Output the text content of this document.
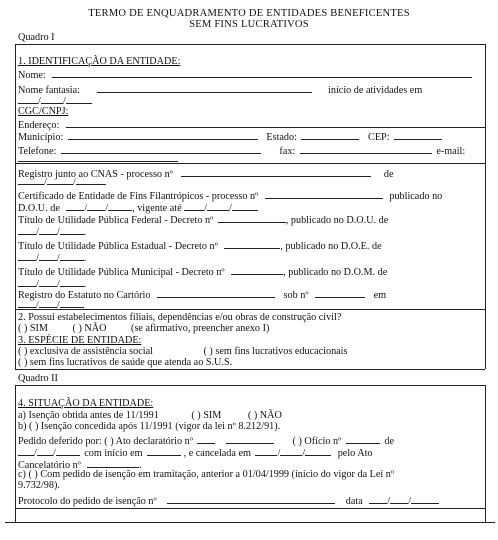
TERMO DE ENQUADRAMENTO DE ENTIDADES BENEFICENTES
SEM FINS LUCRATIVOS
Quadro I
1. IDENTIFICAÇÃO DA ENTIDADE:
Nome:
Nome fantasia:	início de atividades em
/ /
CGC/CNPJ:
Endereço:
Município:	Estado:	CEP:
Telefone:	fax:	e-mail:
Registro junto ao CNAS - processo nº	de
/	/
Certificado de Entidade de Fins Filantrópicos - processo nº	publicado no
D.O.U. de / / , vigente até / /
Título de Utilidade Pública Federal - Decreto nº	, publicado no D.O.U. de
/ / .
Título de Utilidade Pública Estadual - Decreto nº	, publicado no D.O.E. de
/ / .
Título de Utilidade Pública Municipal - Decreto nº	, publicado no D.O.M. de
/ / .
Registro do Estatuto no Cartório	sob nº	em
/ /
2. Possui estabelecimentos filiais, dependências e/ou obras de construção civil?
( ) SIM ( ) NÃO (se afirmativo, preencher anexo I)
3. ESPÉCIE DE ENTIDADE:
( ) exclusiva de assistência social	( ) sem fins lucrativos educacionais
( ) sem fins lucrativos de saúde que atenda ao S.U.S.
Quadro II
4. SITUAÇÃO DA ENTIDADE:
a) Isenção obtida antes de 11/1991	( ) SIM	( ) NÃO
b) ( ) Isenção concedida após 11/1991 (vigor da lei nº 8.212/91).
Pedido deferido por: ( ) Ato declaratório nº	( ) Ofício nº	de
/ /	com início em	, e cancelada em	/ /	pelo Ato
Cancelatório nº	.
c) ( ) Com pedido de isenção em tramitação, anterior a 01/04/1999 (início do vigor da Lei nº
9.732/98).
Protocolo do pedido de isenção nº	data / /
